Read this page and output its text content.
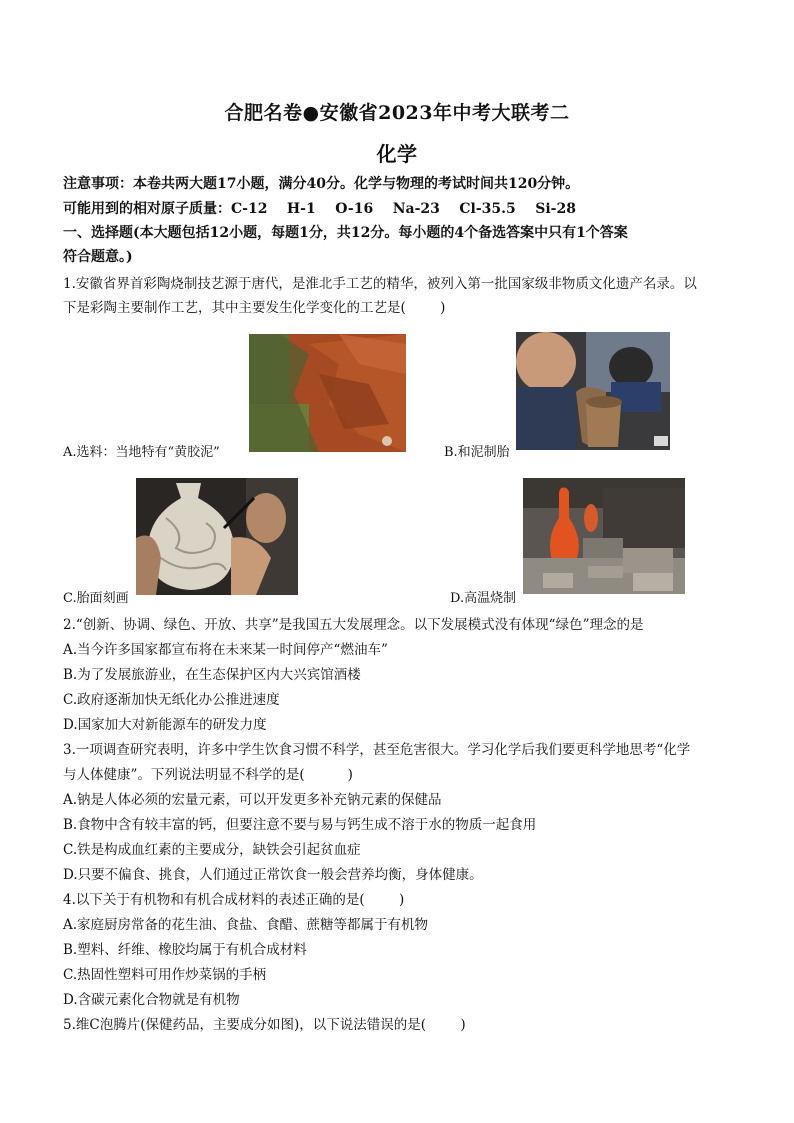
合肥名卷●安徽省2023年中考大联考二
化学
注意事项：本卷共两大题17小题，满分40分。化学与物理的考试时间共120分钟。
可能用到的相对原子质量：C-12    H-1    O-16    Na-23    Cl-35.5    Si-28
一、选择题(本大题包括12小题，每题1分，共12分。每小题的4个备选答案中只有1个答案
符合题意。)
1.安徽省界首彩陶烧制技艺源于唐代，是淮北手工艺的精华，被列入第一批国家级非物质文化遗产名录。以
下是彩陶主要制作工艺，其中主要发生化学变化的工艺是(        )
A.选料：当地特有“黄胶泥”	B.和泥制胎
C.胎面刻画	D.高温烧制
2.“创新、协调、绿色、开放、共享”是我国五大发展理念。以下发展模式没有体现“绿色”理念的是
A.当今许多国家都宣布将在未来某一时间停产“燃油车”
B.为了发展旅游业，在生态保护区内大兴宾馆酒楼
C.政府逐渐加快无纸化办公推进速度
D.国家加大对新能源车的研发力度
3.一项调查研究表明，许多中学生饮食习惯不科学，甚至危害很大。学习化学后我们要更科学地思考“化学
与人体健康”。下列说法明显不科学的是(          )
A.钠是人体必须的宏量元素，可以开发更多补充钠元素的保健品
B.食物中含有较丰富的钙，但要注意不要与易与钙生成不溶于水的物质一起食用
C.铁是构成血红素的主要成分，缺铁会引起贫血症
D.只要不偏食、挑食，人们通过正常饮食一般会营养均衡，身体健康。
4.以下关于有机物和有机合成材料的表述正确的是(        )
A.家庭厨房常备的花生油、食盐、食醋、蔗糖等都属于有机物
B.塑料、纤维、橡胶均属于有机合成材料
C.热固性塑料可用作炒菜锅的手柄
D.含碳元素化合物就是有机物
5.维C泡腾片(保健药品，主要成分如图)，以下说法错误的是(        )
